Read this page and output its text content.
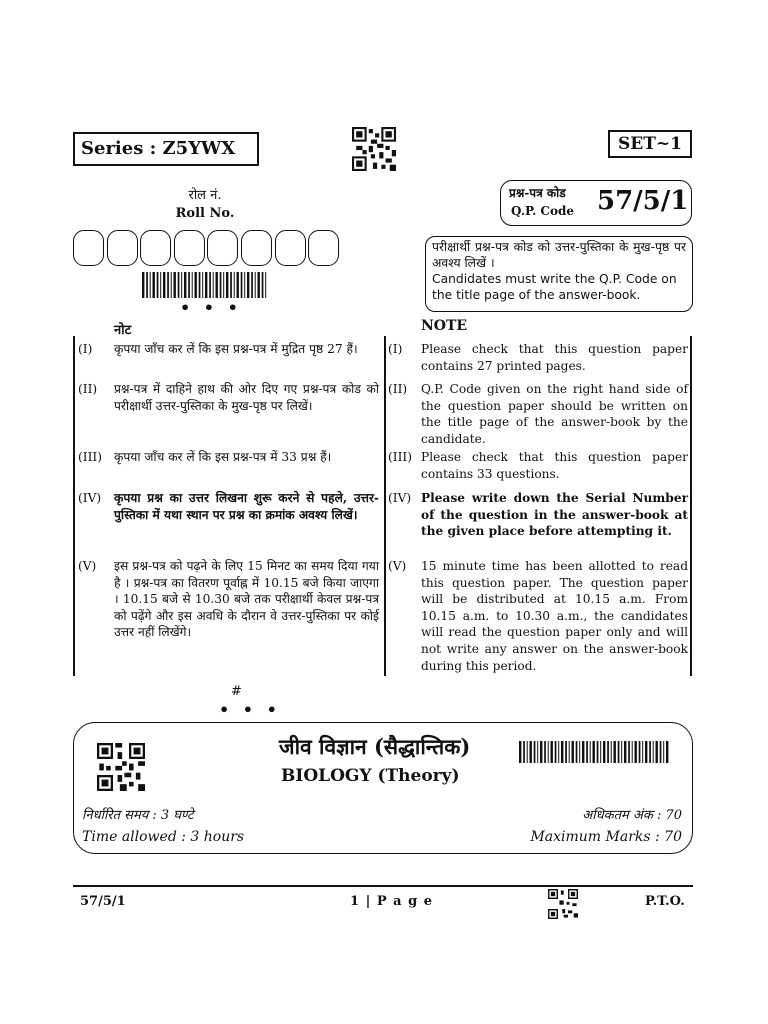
Series : Z5YWX	SET~1
रोल नं.
Roll No.
• • •
प्रश्न-पत्र कोड
Q.P. Code 57/5/1
परीक्षार्थी प्रश्न-पत्र कोड को उत्तर-पुस्तिका के मुख-पृष्ठ पर अवश्य लिखें ।
Candidates must write the Q.P. Code on the title page of the answer-book.
नोट	NOTE
(I) कृपया जाँच कर लें कि इस प्रश्न-पत्र में मुद्रित पृष्ठ 27 हैं।
(II) प्रश्न-पत्र में दाहिने हाथ की ओर दिए गए प्रश्न-पत्र कोड को परीक्षार्थी उत्तर-पुस्तिका के मुख-पृष्ठ पर लिखें।
(III) कृपया जाँच कर लें कि इस प्रश्न-पत्र में 33 प्रश्न हैं।
(IV) कृपया प्रश्न का उत्तर लिखना शुरू करने से पहले, उत्तर-पुस्तिका में यथा स्थान पर प्रश्न का क्रमांक अवश्य लिखें।
(V) इस प्रश्न-पत्र को पढ़ने के लिए 15 मिनट का समय दिया गया है । प्रश्न-पत्र का वितरण पूर्वाह्न में 10.15 बजे किया जाएगा । 10.15 बजे से 10.30 बजे तक परीक्षार्थी केवल प्रश्न-पत्र को पढ़ेंगे और इस अवधि के दौरान वे उत्तर-पुस्तिका पर कोई उत्तर नहीं लिखेंगे।
(I) Please check that this question paper contains 27 printed pages.
(II) Q.P. Code given on the right hand side of the question paper should be written on the title page of the answer-book by the candidate.
(III) Please check that this question paper contains 33 questions.
(IV) Please write down the Serial Number of the question in the answer-book at the given place before attempting it.
(V) 15 minute time has been allotted to read this question paper. The question paper will be distributed at 10.15 a.m. From 10.15 a.m. to 10.30 a.m., the candidates will read the question paper only and will not write any answer on the answer-book during this period.
#
• • •
जीव विज्ञान (सैद्धान्तिक)
BIOLOGY (Theory)
निर्धारित समय : 3 घण्टे	अधिकतम अंक : 70
Time allowed : 3 hours	Maximum Marks : 70
57/5/1	1 | P a g e	P.T.O.
